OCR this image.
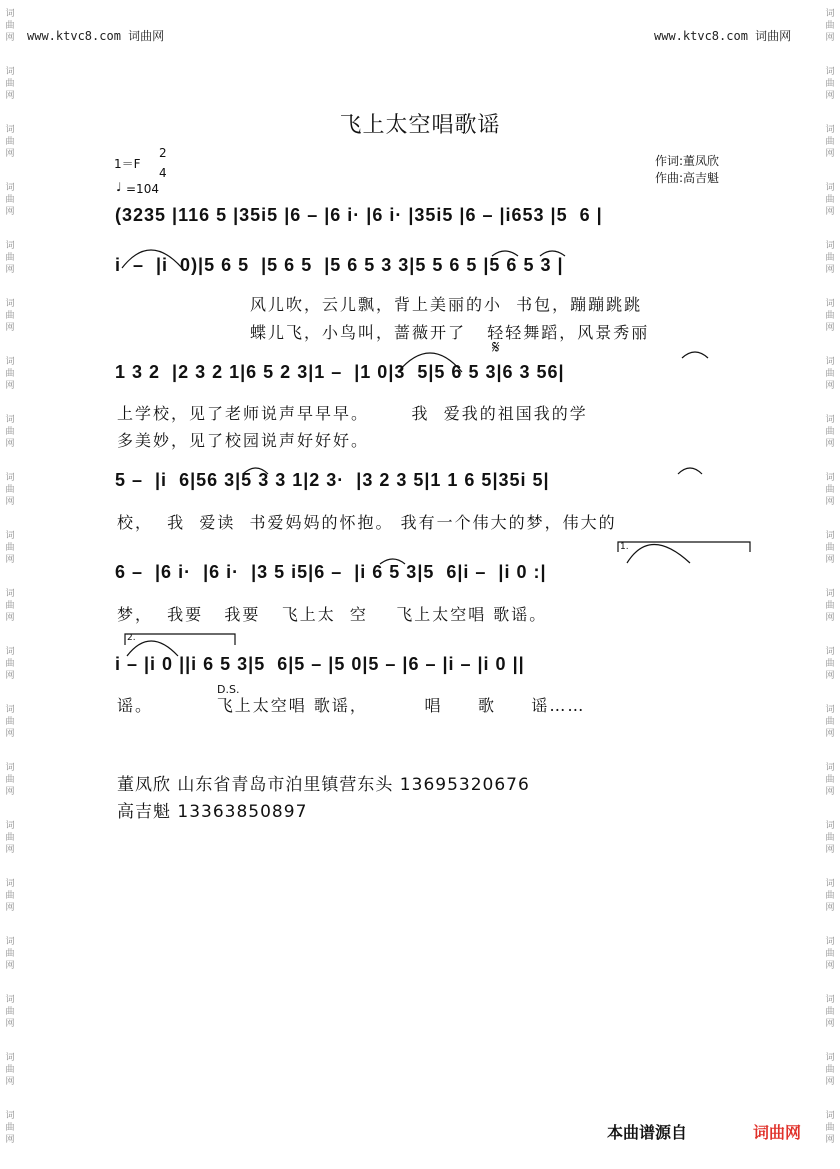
词
曲
网
词
曲
网
词
曲
网
词
曲
网
词
曲
网
词
曲
网
词
曲
网
词
曲
网
词
曲
网
词
曲
网
词
曲
网
词
曲
网
词
曲
网
词
曲
网
词
曲
网
词
曲
网
词
曲
网
词
曲
网
词
曲
网
词
曲
网
词
曲
网
词
曲
网
词
曲
网
词
曲
网
词
曲
网
词
曲
网
词
曲
网
词
曲
网
词
曲
网
词
曲
网
词
曲
网
词
曲
网
词
曲
网
词
曲
网
词
曲
网
词
曲
网
词
曲
网
词
曲
网
词
曲
网
词
曲
网
www.ktvc8.com 词曲网	www.ktvc8.com 词曲网
飞上太空唱歌谣
1＝F
2
4
♩ =104
作词:董凤欣
作曲:高吉魁
(3235 |116 5 |35i5 |6 – |6 i· |6 i· |35i5 |6 – |i653 |5  6 |
i  –  |i  0)|5 6 5  |5 6 5  |5 6 5 3 3|5 5 6 5 |5 6 5 3 |
风儿吹，云儿飘，背上美丽的小  书包，蹦蹦跳跳
蝶儿飞，小鸟叫，蔷薇开了   轻轻舞蹈，风景秀丽
1 3 2  |2 3 2 1|6 5 2 3|1 –  |1 0|3  5|5 6 5 3|6 3 56|
上学校，见了老师说声早早早。      我  爱我的祖国我的学
多美妙，见了校园说声好好好。
𝄋
5 –  |i  6|56 3|5 3 3 1|2 3·  |3 2 3 5|1 1 6 5|35i 5|
校，  我  爱读  书爱妈妈的怀抱。 我有一个伟大的梦，伟大的
6 –  |6 i·  |6 i·  |3 5 i5|6 –  |i 6 5 3|5  6|i –  |i 0 :|
梦，  我要   我要   飞上太  空    飞上太空唱 歌谣。
1.
i – |i 0 ||i 6 5 3|5  6|5 – |5 0|5 – |6 – |i – |i 0 ||
谣。         飞上太空唱 歌谣，        唱     歌     谣……
2.
D.S.
董凤欣 山东省青岛市泊里镇营东头 13695320676
高吉魁 13363850897
本曲谱源自	词曲网
